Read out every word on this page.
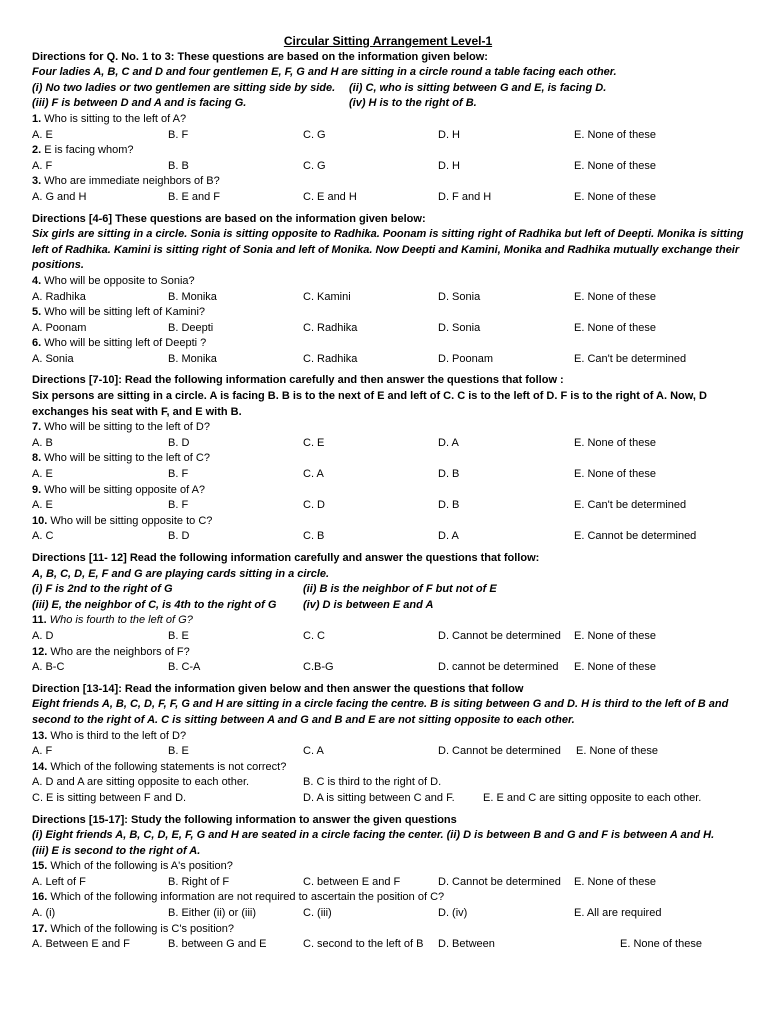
Circular Sitting Arrangement Level-1
Directions for Q. No. 1 to 3: These questions are based on the information given below:
Four ladies A, B, C and D and four gentlemen E, F, G and H are sitting in a circle round a table facing each other.
(i) No two ladies or two gentlemen are sitting side by side. (ii) C, who is sitting between G and E, is facing D.
(iii) F is between D and A and is facing G.	(iv) H is to the right of B.
1. Who is sitting to the left of A?
A. E	B. F	C. G	D. H	E. None of these
2. E is facing whom?
A. F	B. B	C. G	D. H	E. None of these
3. Who are immediate neighbors of B?
A. G and H	B. E and F	C. E and H	D. F and H	E. None of these
Directions [4-6] These questions are based on the information given below:
Six girls are sitting in a circle. Sonia is sitting opposite to Radhika. Poonam is sitting right of Radhika but left of Deepti. Monika is sitting left of Radhika. Kamini is sitting right of Sonia and left of Monika. Now Deepti and Kamini, Monika and Radhika mutually exchange their positions.
4. Who will be opposite to Sonia?
A. Radhika	B. Monika	C. Kamini	D. Sonia	E. None of these
5. Who will be sitting left of Kamini?
A. Poonam	B. Deepti	C. Radhika	D. Sonia	E. None of these
6. Who will be sitting left of Deepti ?
A. Sonia	B. Monika	C. Radhika	D. Poonam	E. Can't be determined
Directions [7-10]: Read the following information carefully and then answer the questions that follow :
Six persons are sitting in a circle. A is facing B. B is to the next of E and left of C. C is to the left of D. F is to the right of A. Now, D exchanges his seat with F, and E with B.
7. Who will be sitting to the left of D?
A. B	B. D	C. E	D. A	E. None of these
8. Who will be sitting to the left of C?
A. E	B. F	C. A	D. B	E. None of these
9. Who will be sitting opposite of A?
A. E	B. F	C. D	D. B	E. Can't be determined
10. Who will be sitting opposite to C?
A. C	B. D	C. B	D. A	E. Cannot be determined
Directions [11- 12] Read the following information carefully and answer the questions that follow:
A, B, C, D, E, F and G are playing cards sitting in a circle.
(i) F is 2nd to the right of G	(ii) B is the neighbor of F but not of E
(iii) E, the neighbor of C, is 4th to the right of G (iv) D is between E and A
11. Who is fourth to the left of G?
A. D	B. E	C. C	D. Cannot be determined E. None of these
12. Who are the neighbors of F?
A. B-C	B. C-A	C.B-G	D. cannot be determined E. None of these
Direction [13-14]: Read the information given below and then answer the questions that follow
Eight friends A, B, C, D, F, F, G and H are sitting in a circle facing the centre. B is siting between G and D. H is third to the left of B and second to the right of A. C is sitting between A and G and B and E are not sitting opposite to each other.
13. Who is third to the left of D?
A. F	B. E	C. A	D. Cannot be determined E. None of these
14. Which of the following statements is not correct?
A. D and A are sitting opposite to each other.	B. C is third to the right of D.
C. E is sitting between F and D.	D. A is sitting between C and F.	E. E and C are sitting opposite to each other.
Directions [15-17]: Study the following information to answer the given questions
(i) Eight friends A, B, C, D, E, F, G and H are seated in a circle facing the center. (ii) D is between B and G and F is between A and H.
(iii) E is second to the right of A.
15. Which of the following is A's position?
A. Left of F	B. Right of F	C. between E and F	D. Cannot be determined E. None of these
16. Which of the following information are not required to ascertain the position of C?
A. (i)	B. Either (ii) or (iii)	C. (iii)	D. (iv)	E. All are required
17. Which of the following is C's position?
A. Between E and F	B. between G and E	C. second to the left of B D. Between	E. None of these
